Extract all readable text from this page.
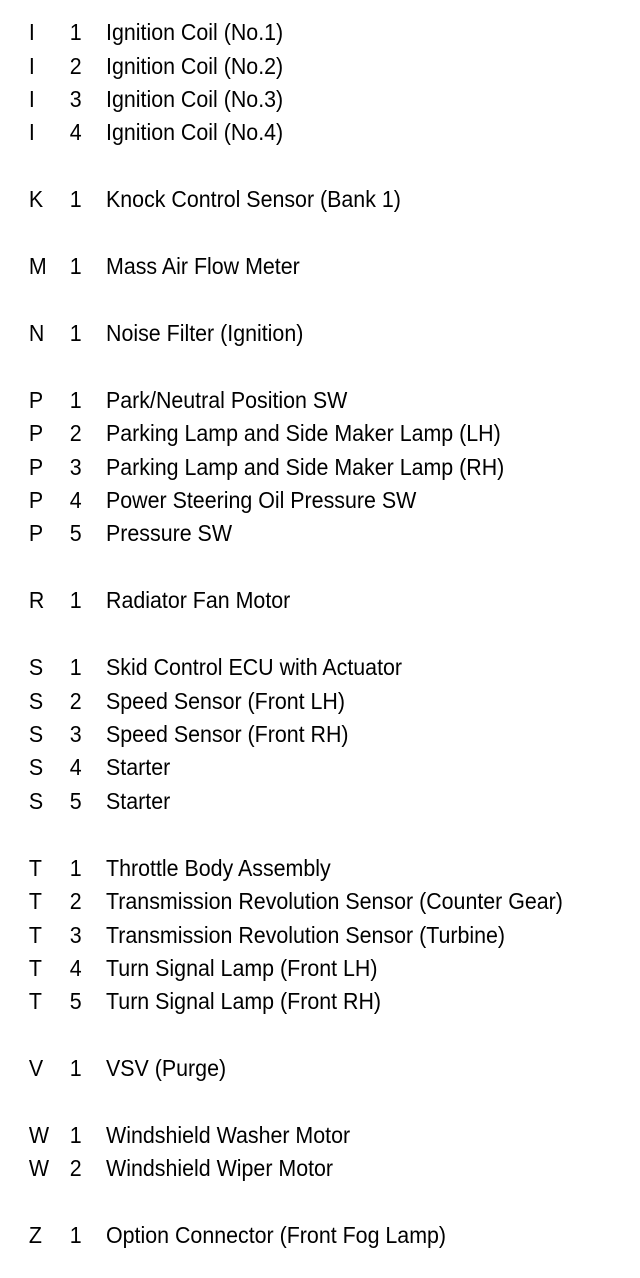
I	1	Ignition Coil (No.1)
I	2	Ignition Coil (No.2)
I	3	Ignition Coil (No.3)
I	4	Ignition Coil (No.4)
K	1	Knock Control Sensor (Bank 1)
M	1	Mass Air Flow Meter
N	1	Noise Filter (Ignition)
P	1	Park/Neutral Position SW
P	2	Parking Lamp and Side Maker Lamp (LH)
P	3	Parking Lamp and Side Maker Lamp (RH)
P	4	Power Steering Oil Pressure SW
P	5	Pressure SW
R	1	Radiator Fan Motor
S	1	Skid Control ECU with Actuator
S	2	Speed Sensor (Front LH)
S	3	Speed Sensor (Front RH)
S	4	Starter
S	5	Starter
T	1	Throttle Body Assembly
T	2	Transmission Revolution Sensor (Counter Gear)
T	3	Transmission Revolution Sensor (Turbine)
T	4	Turn Signal Lamp (Front LH)
T	5	Turn Signal Lamp (Front RH)
V	1	VSV (Purge)
W 1	Windshield Washer Motor
W 2	Windshield Wiper Motor
Z	1	Option Connector (Front Fog Lamp)
